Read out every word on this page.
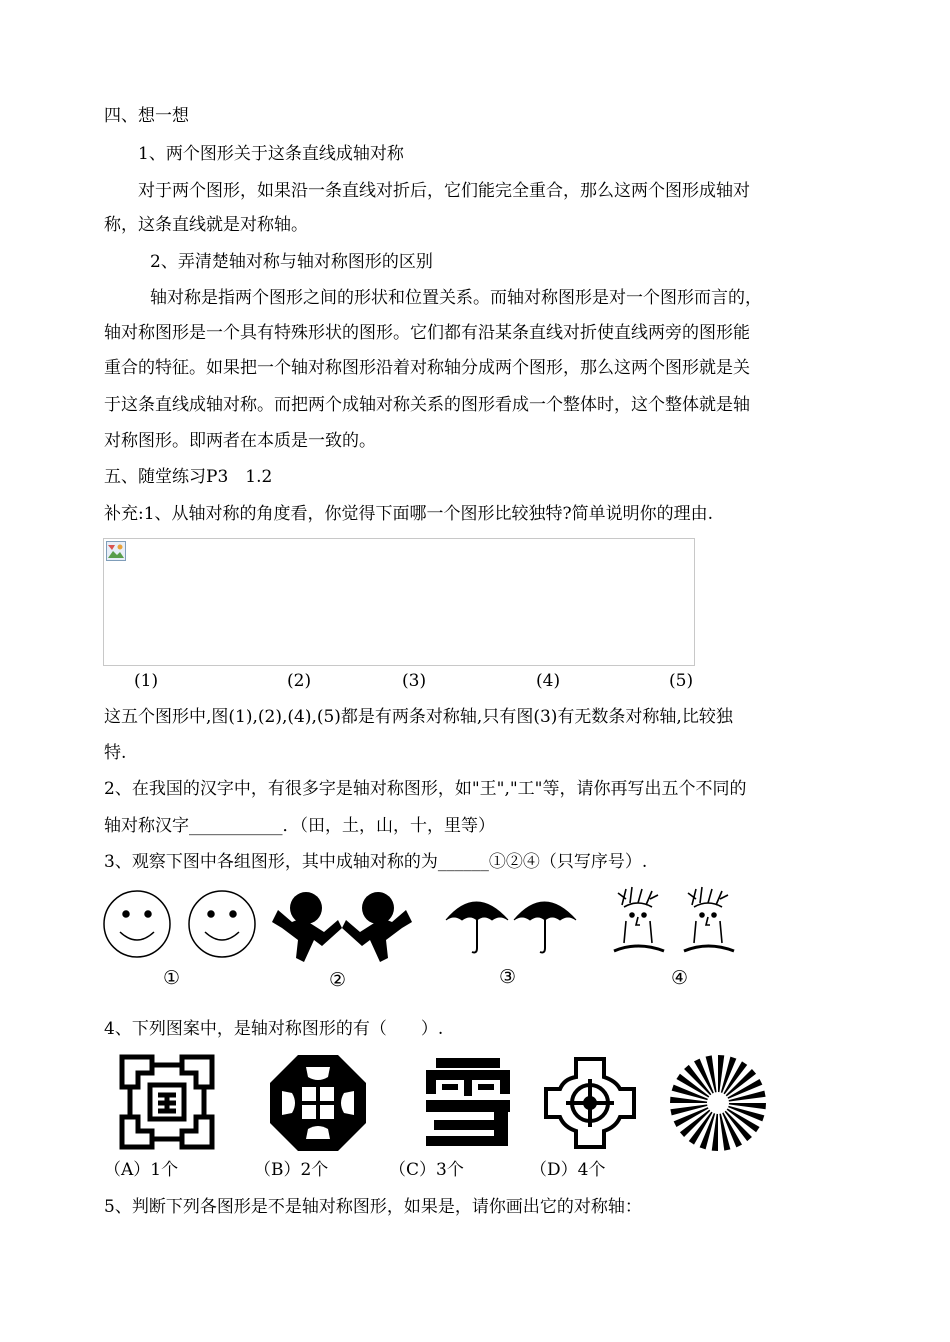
四、想一想
1、两个图形关于这条直线成轴对称
对于两个图形，如果沿一条直线对折后，它们能完全重合，那么这两个图形成轴对
称，这条直线就是对称轴。
2、弄清楚轴对称与轴对称图形的区别
轴对称是指两个图形之间的形状和位置关系。而轴对称图形是对一个图形而言的，
轴对称图形是一个具有特殊形状的图形。它们都有沿某条直线对折使直线两旁的图形能
重合的特征。如果把一个轴对称图形沿着对称轴分成两个图形，那么这两个图形就是关
于这条直线成轴对称。而把两个成轴对称关系的图形看成一个整体时，这个整体就是轴
对称图形。即两者在本质是一致的。
五、随堂练习P3　1.2
补充:1、从轴对称的角度看，你觉得下面哪一个图形比较独特?简单说明你的理由.
(1)	(2)	(3)	(4)	(5)
这五个图形中,图(1),(2),(4),(5)都是有两条对称轴,只有图(3)有无数条对称轴,比较独
特.
2、在我国的汉字中，有很多字是轴对称图形，如"王","工"等，请你再写出五个不同的
轴对称汉字___________．（田，土，山，十，里等）
3、观察下图中各组图形，其中成轴对称的为______①②④（只写序号）.
①	②	③	④
4、下列图案中，是轴对称图形的有（　　）.
（A）1个	（B）2个	（C）3个	（D）4个
5、判断下列各图形是不是轴对称图形，如果是，请你画出它的对称轴：
